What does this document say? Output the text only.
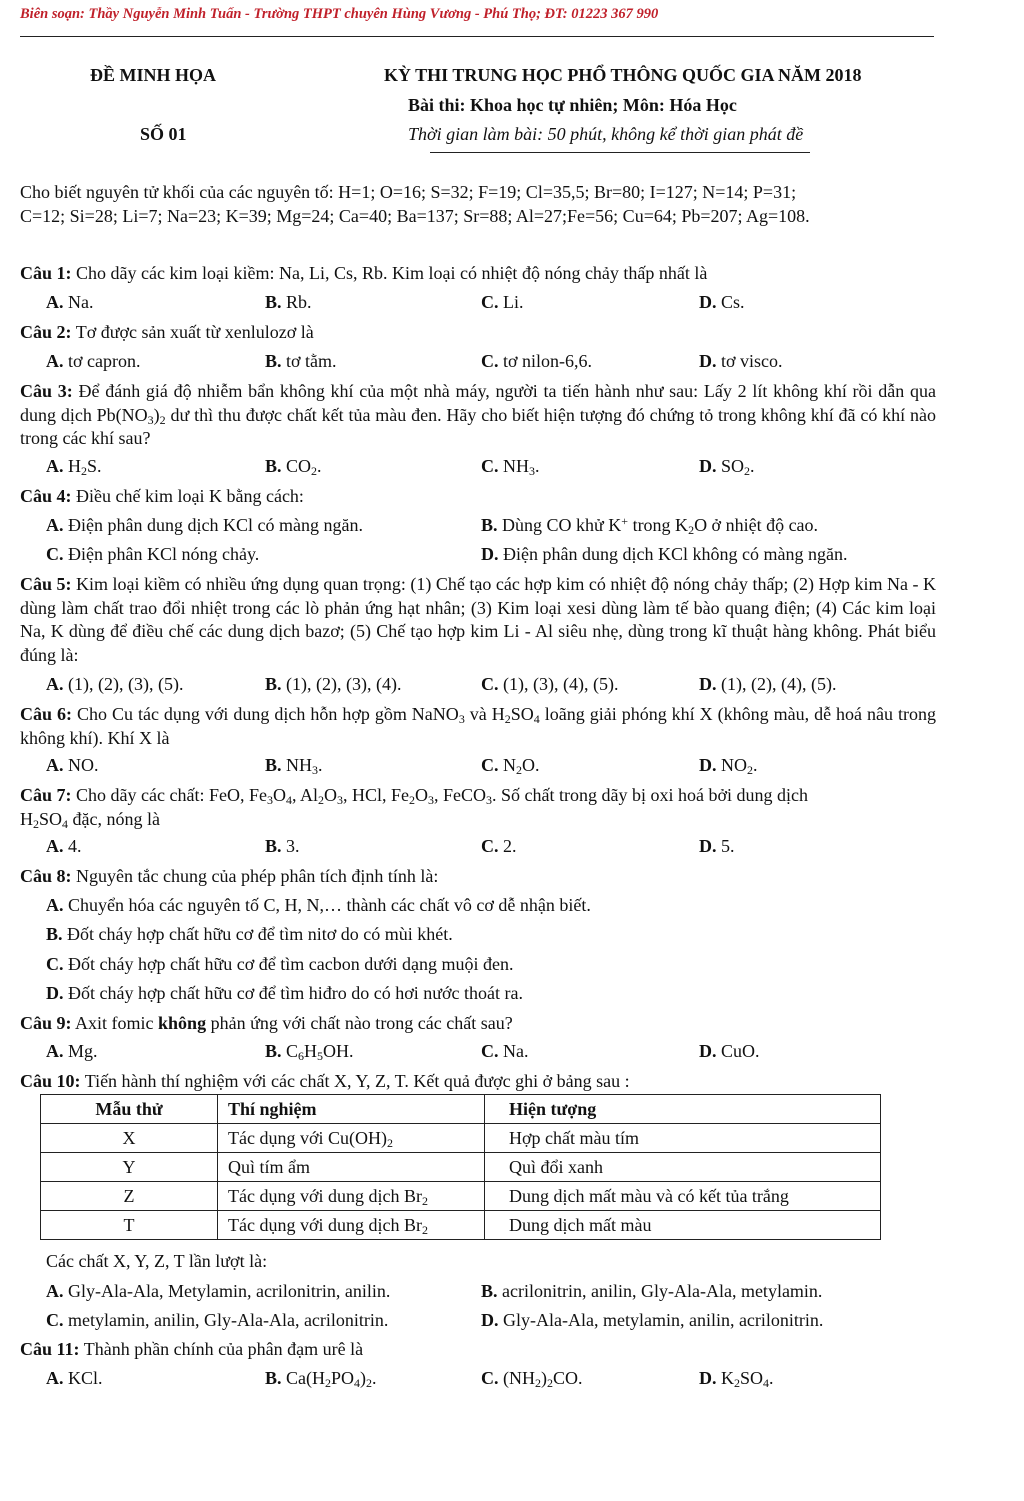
Biên soạn: Thầy Nguyễn Minh Tuấn - Trường THPT chuyên Hùng Vương - Phú Thọ; ĐT: 01223 367 990
ĐỀ MINH HỌA
SỐ 01
KỲ THI TRUNG HỌC PHỔ THÔNG QUỐC GIA NĂM 2018
Bài thi: Khoa học tự nhiên; Môn: Hóa Học
Thời gian làm bài: 50 phút, không kể thời gian phát đề
Cho biết nguyên tử khối của các nguyên tố: H=1; O=16; S=32; F=19; Cl=35,5; Br=80; I=127; N=14; P=31;
C=12; Si=28; Li=7; Na=23; K=39; Mg=24; Ca=40; Ba=137; Sr=88; Al=27;Fe=56; Cu=64; Pb=207; Ag=108.
Câu 1: Cho dãy các kim loại kiềm: Na, Li, Cs, Rb. Kim loại có nhiệt độ nóng chảy thấp nhất là
A. Na.	B. Rb.	C. Li.	D. Cs.
Câu 2: Tơ được sản xuất từ xenlulozơ là
A. tơ capron.	B. tơ tằm.	C. tơ nilon-6,6.	D. tơ visco.
Câu 3: Để đánh giá độ nhiễm bẩn không khí của một nhà máy, người ta tiến hành như sau: Lấy 2 lít không khí rồi dẫn qua dung dịch $Pb(NO_3)_2$ dư thì thu được chất kết tủa màu đen. Hãy cho biết hiện tượng đó chứng tỏ trong không khí đã có khí nào trong các khí sau?
A. $H_2S$.	B. $CO_2$.	C. $NH_3$.	D. $SO_2$.
Câu 4: Điều chế kim loại K bằng cách:
A. Điện phân dung dịch KCl có màng ngăn.	B. Dùng CO khử K+ trong $K_2O$ ở nhiệt độ cao.
C. Điện phân KCl nóng chảy.	D. Điện phân dung dịch KCl không có màng ngăn.
Câu 5: Kim loại kiềm có nhiều ứng dụng quan trọng: (1) Chế tạo các hợp kim có nhiệt độ nóng chảy thấp; (2) Hợp kim Na - K dùng làm chất trao đổi nhiệt trong các lò phản ứng hạt nhân; (3) Kim loại xesi dùng làm tế bào quang điện; (4) Các kim loại Na, K dùng để điều chế các dung dịch bazơ; (5) Chế tạo hợp kim Li - Al siêu nhẹ, dùng trong kĩ thuật hàng không. Phát biểu đúng là:
A. (1), (2), (3), (5).	B. (1), (2), (3), (4).	C. (1), (3), (4), (5).	D. (1), (2), (4), (5).
Câu 6: Cho Cu tác dụng với dung dịch hỗn hợp gồm NaNO$_3$ và $H_2SO_4$ loãng giải phóng khí X (không màu, dễ hoá nâu trong không khí). Khí X là
A. NO.	B. $NH_3$.	C. $N_2O$.	D. $NO_2$.
Câu 7: Cho dãy các chất: FeO, $Fe_3O_4$, $Al_2O_3$, HCl, $Fe_2O_3$, FeCO$_3$. Số chất trong dãy bị oxi hoá bởi dung dịch
$H_2SO_4$ đặc, nóng là
A. 4.	B. 3.	C. 2.	D. 5.
Câu 8: Nguyên tắc chung của phép phân tích định tính là:
A. Chuyển hóa các nguyên tố C, H, N,… thành các chất vô cơ dễ nhận biết.
B. Đốt cháy hợp chất hữu cơ để tìm nitơ do có mùi khét.
C. Đốt cháy hợp chất hữu cơ để tìm cacbon dưới dạng muội đen.
D. Đốt cháy hợp chất hữu cơ để tìm hiđro do có hơi nước thoát ra.
Câu 9: Axit fomic không phản ứng với chất nào trong các chất sau?
A. Mg.	B. $C_6H_5OH$.	C. Na.	D. CuO.
Câu 10: Tiến hành thí nghiệm với các chất X, Y, Z, T. Kết quả được ghi ở bảng sau :
Mẫu thử	Thí nghiệm	Hiện tượng
X	Tác dụng với $Cu(OH)_2$	Hợp chất màu tím
Y	Quì tím ẩm	Quì đổi xanh
Z	Tác dụng với dung dịch $Br_2$	Dung dịch mất màu và có kết tủa trắng
T	Tác dụng với dung dịch $Br_2$	Dung dịch mất màu
Các chất X, Y, Z, T lần lượt là:
A. Gly-Ala-Ala, Metylamin, acrilonitrin, anilin.	B. acrilonitrin, anilin, Gly-Ala-Ala, metylamin.
C. metylamin, anilin, Gly-Ala-Ala, acrilonitrin.	D. Gly-Ala-Ala, metylamin, anilin, acrilonitrin.
Câu 11: Thành phần chính của phân đạm urê là
A. KCl.	B. $Ca(H_2PO_4)_2$.	C. $(NH_2)_2CO$.	D. $K_2SO_4$.
